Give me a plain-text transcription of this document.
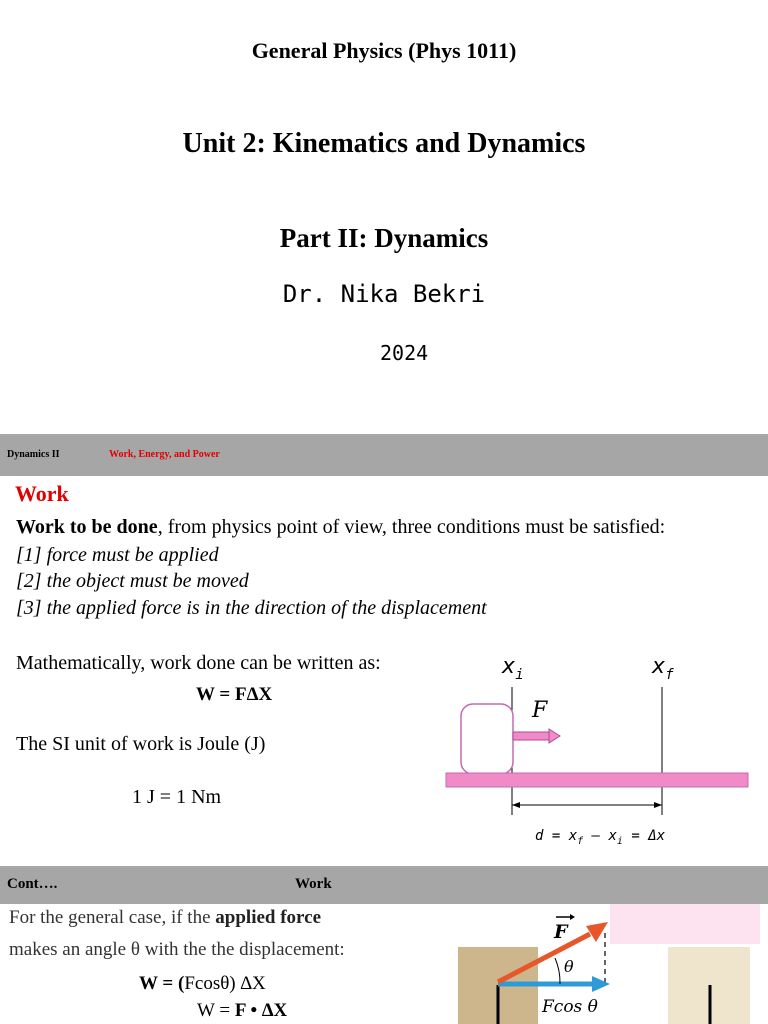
General Physics (Phys 1011)
Unit 2: Kinematics and Dynamics
Part II: Dynamics
Dr. Nika Bekri
2024
Dynamics II	Work, Energy, and Power
Work
Work to be done, from physics point of view, three conditions must be satisfied:
[1] force must be applied
[2] the object must be moved
[3] the applied force is in the direction of the displacement
Mathematically, work done can be written as:
W = FΔX
The SI unit of work is Joule (J)
1 J = 1 Nm
$x_i$	$x_f$
F
$d = x_f - x_i = \Delta x$
Cont….	Work
For the general case, if the applied force
makes an angle θ with the the displacement:
W = (Fcosθ) ∆X
W = F • ∆X
θ
F
Fcos θ
